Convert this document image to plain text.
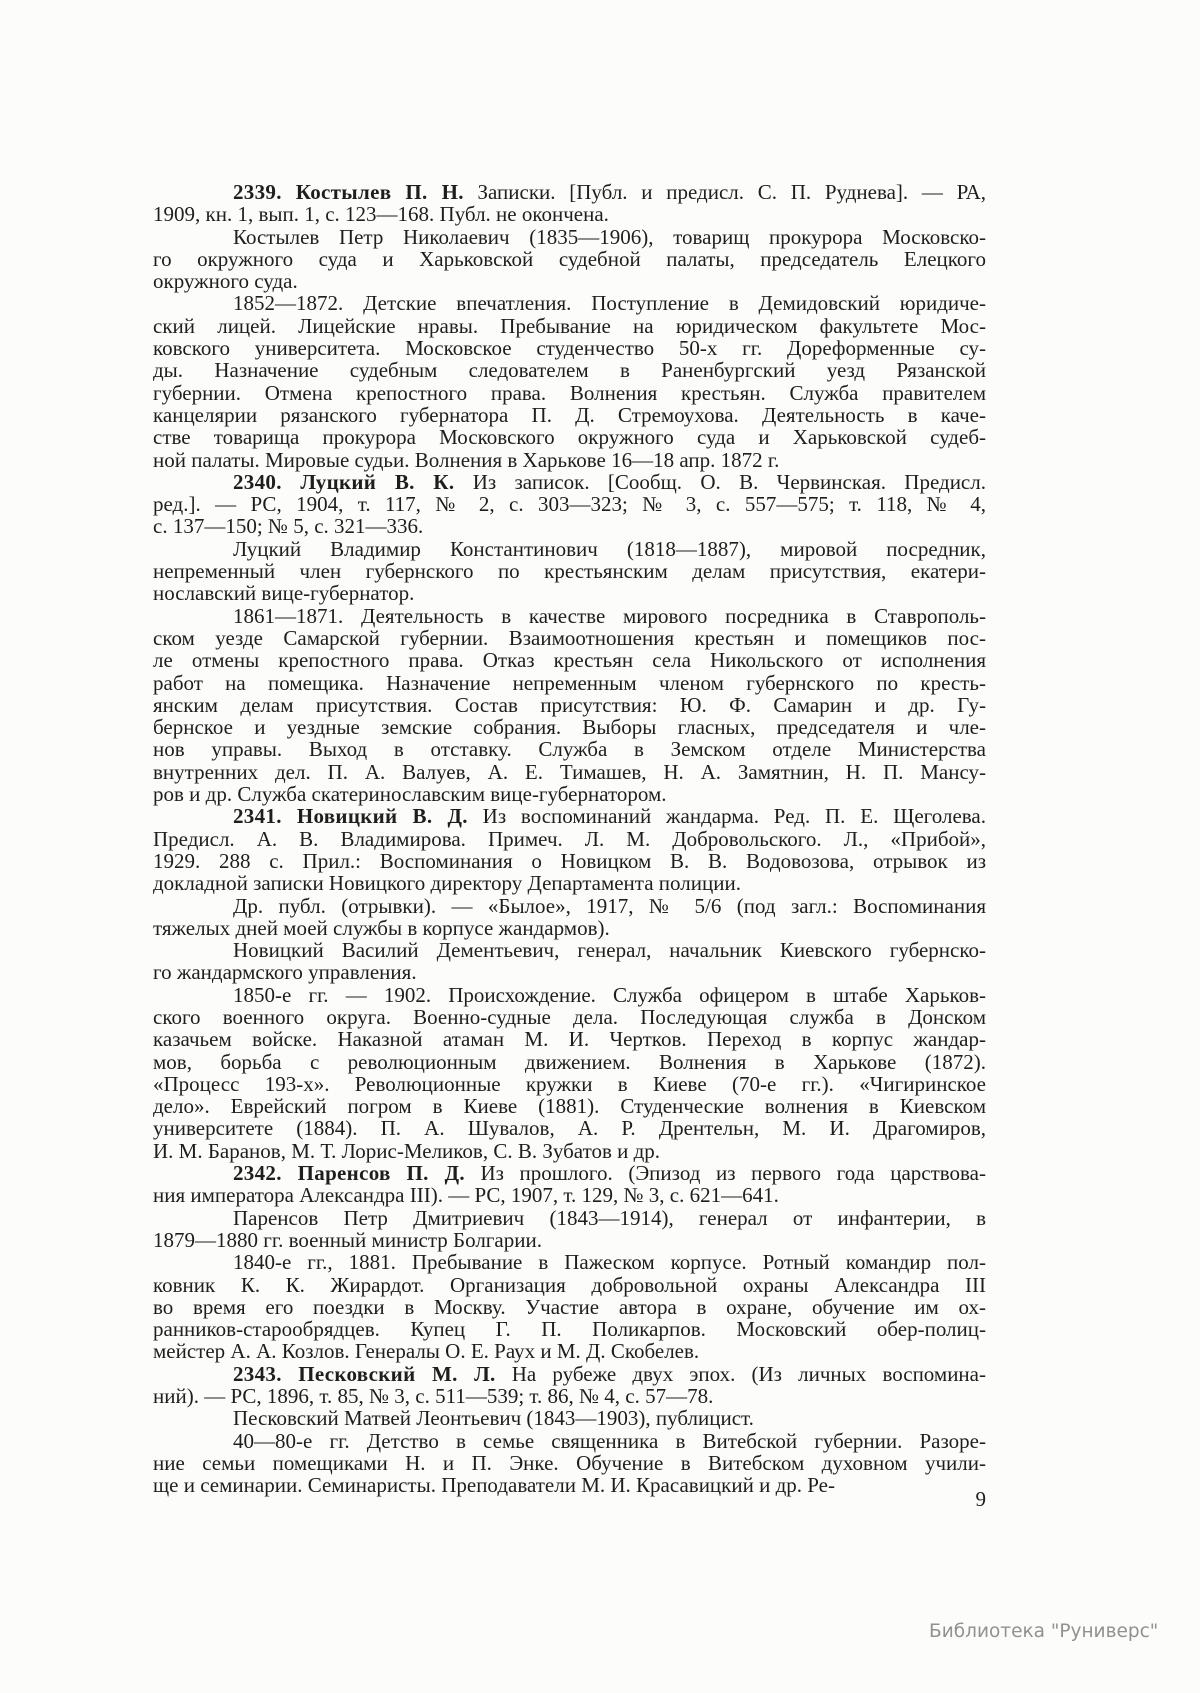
2339. Костылев П. Н. Записки. [Публ. и предисл. С. П. Руднева]. — РА,
1909, кн. 1, вып. 1, с. 123—168. Публ. не окончена.
Костылев Петр Николаевич (1835—1906), товарищ прокурора Московско-
го окружного суда и Харьковской судебной палаты, председатель Елецкого
окружного суда.
1852—1872. Детские впечатления. Поступление в Демидовский юридиче-
ский лицей. Лицейские нравы. Пребывание на юридическом факультете Мос-
ковского университета. Московское студенчество 50-х гг. Дореформенные су-
ды. Назначение судебным следователем в Раненбургский уезд Рязанской
губернии. Отмена крепостного права. Волнения крестьян. Служба правителем
канцелярии рязанского губернатора П. Д. Стремоухова. Деятельность в каче-
стве товарища прокурора Московского окружного суда и Харьковской судеб-
ной палаты. Мировые судьи. Волнения в Харькове 16—18 апр. 1872 г.
2340. Луцкий В. К. Из записок. [Сообщ. О. В. Червинская. Предисл.
ред.]. — РС, 1904, т. 117, № 2, с. 303—323; № 3, с. 557—575; т. 118, № 4,
с. 137—150; № 5, с. 321—336.
Луцкий Владимир Константинович (1818—1887), мировой посредник,
непременный член губернского по крестьянским делам присутствия, екатери-
нославский вице-губернатор.
1861—1871. Деятельность в качестве мирового посредника в Ставрополь-
ском уезде Самарской губернии. Взаимоотношения крестьян и помещиков пос-
ле отмены крепостного права. Отказ крестьян села Никольского от исполнения
работ на помещика. Назначение непременным членом губернского по кресть-
янским делам присутствия. Состав присутствия: Ю. Ф. Самарин и др. Гу-
бернское и уездные земские собрания. Выборы гласных, председателя и чле-
нов управы. Выход в отставку. Служба в Земском отделе Министерства
внутренних дел. П. А. Валуев, А. Е. Тимашев, Н. А. Замятнин, Н. П. Мансу-
ров и др. Служба скатеринославским вице-губернатором.
2341. Новицкий В. Д. Из воспоминаний жандарма. Ред. П. Е. Щеголева.
Предисл. А. В. Владимирова. Примеч. Л. М. Добровольского. Л., «Прибой»,
1929. 288 с. Прил.: Воспоминания о Новицком В. В. Водовозова, отрывок из
докладной записки Новицкого директору Департамента полиции.
Др. публ. (отрывки). — «Былое», 1917, № 5/6 (под загл.: Воспоминания
тяжелых дней моей службы в корпусе жандармов).
Новицкий Василий Дементьевич, генерал, начальник Киевского губернско-
го жандармского управления.
1850-е гг. — 1902. Происхождение. Служба офицером в штабе Харьков-
ского военного округа. Военно-судные дела. Последующая служба в Донском
казачьем войске. Наказной атаман М. И. Чертков. Переход в корпус жандар-
мов, борьба с революционным движением. Волнения в Харькове (1872).
«Процесс 193-х». Революционные кружки в Киеве (70-е гг.). «Чигиринское
дело». Еврейский погром в Киеве (1881). Студенческие волнения в Киевском
университете (1884). П. А. Шувалов, А. Р. Дрентельн, М. И. Драгомиров,
И. М. Баранов, М. Т. Лорис-Меликов, С. В. Зубатов и др.
2342. Паренсов П. Д. Из прошлого. (Эпизод из первого года царствова-
ния императора Александра III). — РС, 1907, т. 129, № 3, с. 621—641.
Паренсов Петр Дмитриевич (1843—1914), генерал от инфантерии, в
1879—1880 гг. военный министр Болгарии.
1840-е гг., 1881. Пребывание в Пажеском корпусе. Ротный командир пол-
ковник К. К. Жирардот. Организация добровольной охраны Александра III
во время его поездки в Москву. Участие автора в охране, обучение им ох-
ранников-старообрядцев. Купец Г. П. Поликарпов. Московский обер-полиц-
мейстер А. А. Козлов. Генералы О. Е. Раух и М. Д. Скобелев.
2343. Песковский М. Л. На рубеже двух эпох. (Из личных воспомина-
ний). — РС, 1896, т. 85, № 3, с. 511—539; т. 86, № 4, с. 57—78.
Песковский Матвей Леонтьевич (1843—1903), публицист.
40—80-е гг. Детство в семье священника в Витебской губернии. Разоре-
ние семьи помещиками Н. и П. Энке. Обучение в Витебском духовном учили-
ще и семинарии. Семинаристы. Преподаватели М. И. Красавицкий и др. Ре-
9
Библиотека "Руниверс"
